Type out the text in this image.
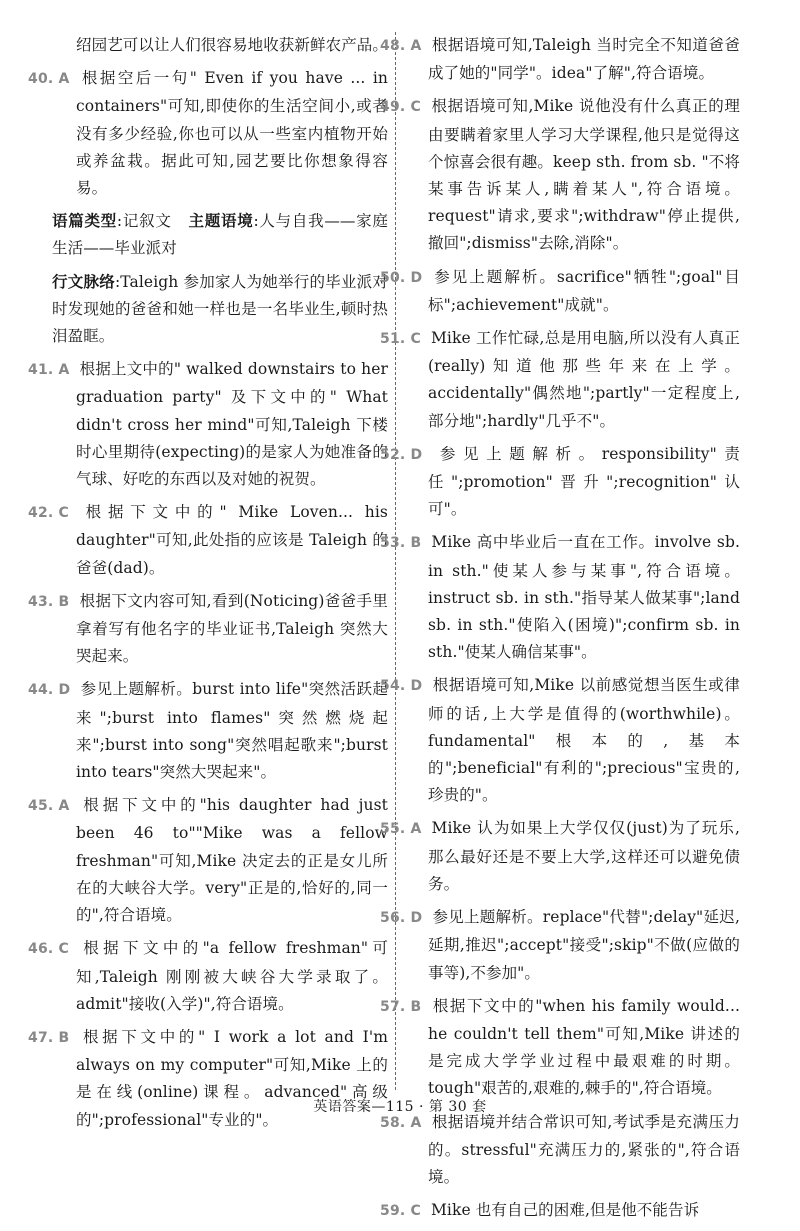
绍园艺可以让人们很容易地收获新鲜农产品。

40. A 根据空后一句" Even if you have ... in containers"可知,即使你的生活空间小,或者没有多少经验,你也可以从一些室内植物开始或养盆栽。据此可知,园艺要比你想象得容易。

语篇类型:记叙文 主题语境:人与自我——家庭生活——毕业派对

行文脉络:Taleigh 参加家人为她举行的毕业派对时发现她的爸爸和她一样也是一名毕业生,顿时热泪盈眶。

41. A 根据上文中的" walked downstairs to her graduation party" 及下文中的" What didn't cross her mind"可知,Taleigh 下楼时心里期待(expecting)的是家人为她准备的气球、好吃的东西以及对她的祝贺。

42. C 根据下文中的" Mike Loven... his daughter"可知,此处指的应该是 Taleigh 的爸爸(dad)。

43. B 根据下文内容可知,看到(Noticing)爸爸手里拿着写有他名字的毕业证书,Taleigh 突然大哭起来。

44. D 参见上题解析。burst into life"突然活跃起来";burst into flames"突然燃烧起来";burst into song"突然唱起歌来";burst into tears"突然大哭起来"。

45. A 根据下文中的"his daughter had just been 46 to""Mike was a fellow freshman"可知,Mike 决定去的正是女儿所在的大峡谷大学。very"正是的,恰好的,同一的",符合语境。

46. C 根据下文中的"a fellow freshman"可知,Taleigh 刚刚被大峡谷大学录取了。admit"接收(入学)",符合语境。

47. B 根据下文中的" I work a lot and I'm always on my computer"可知,Mike 上的是在线(online)课程。advanced"高级的";professional"专业的"。

48. A 根据语境可知,Taleigh 当时完全不知道爸爸成了她的"同学"。idea"了解",符合语境。

49. C 根据语境可知,Mike 说他没有什么真正的理由要瞒着家里人学习大学课程,他只是觉得这个惊喜会很有趣。keep sth. from sb. "不将某事告诉某人,瞒着某人",符合语境。request"请求,要求";withdraw"停止提供,撤回";dismiss"去除,消除"。

50. D 参见上题解析。sacrifice"牺牲";goal"目标";achievement"成就"。

51. C Mike 工作忙碌,总是用电脑,所以没有人真正(really)知道他那些年来在上学。accidentally"偶然地";partly"一定程度上,部分地";hardly"几乎不"。

52. D 参见上题解析。responsibility"责任";promotion"晋升";recognition"认可"。

53. B Mike 高中毕业后一直在工作。involve sb. in sth."使某人参与某事",符合语境。instruct sb. in sth."指导某人做某事";land sb. in sth."使陷入(困境)";confirm sb. in sth."使某人确信某事"。

54. D 根据语境可知,Mike 以前感觉想当医生或律师的话,上大学是值得的(worthwhile)。fundamental"根本的,基本的";beneficial"有利的";precious"宝贵的,珍贵的"。

55. A Mike 认为如果上大学仅仅(just)为了玩乐,那么最好还是不要上大学,这样还可以避免债务。

56. D 参见上题解析。replace"代替";delay"延迟,延期,推迟";accept"接受";skip"不做(应做的事等),不参加"。

57. B 根据下文中的"when his family would... he couldn't tell them"可知,Mike 讲述的是完成大学学业过程中最艰难的时期。tough"艰苦的,艰难的,棘手的",符合语境。

58. A 根据语境并结合常识可知,考试季是充满压力的。stressful"充满压力的,紧张的",符合语境。

59. C Mike 也有自己的困难,但是他不能告诉

英语答案—115 · 第 30 套
